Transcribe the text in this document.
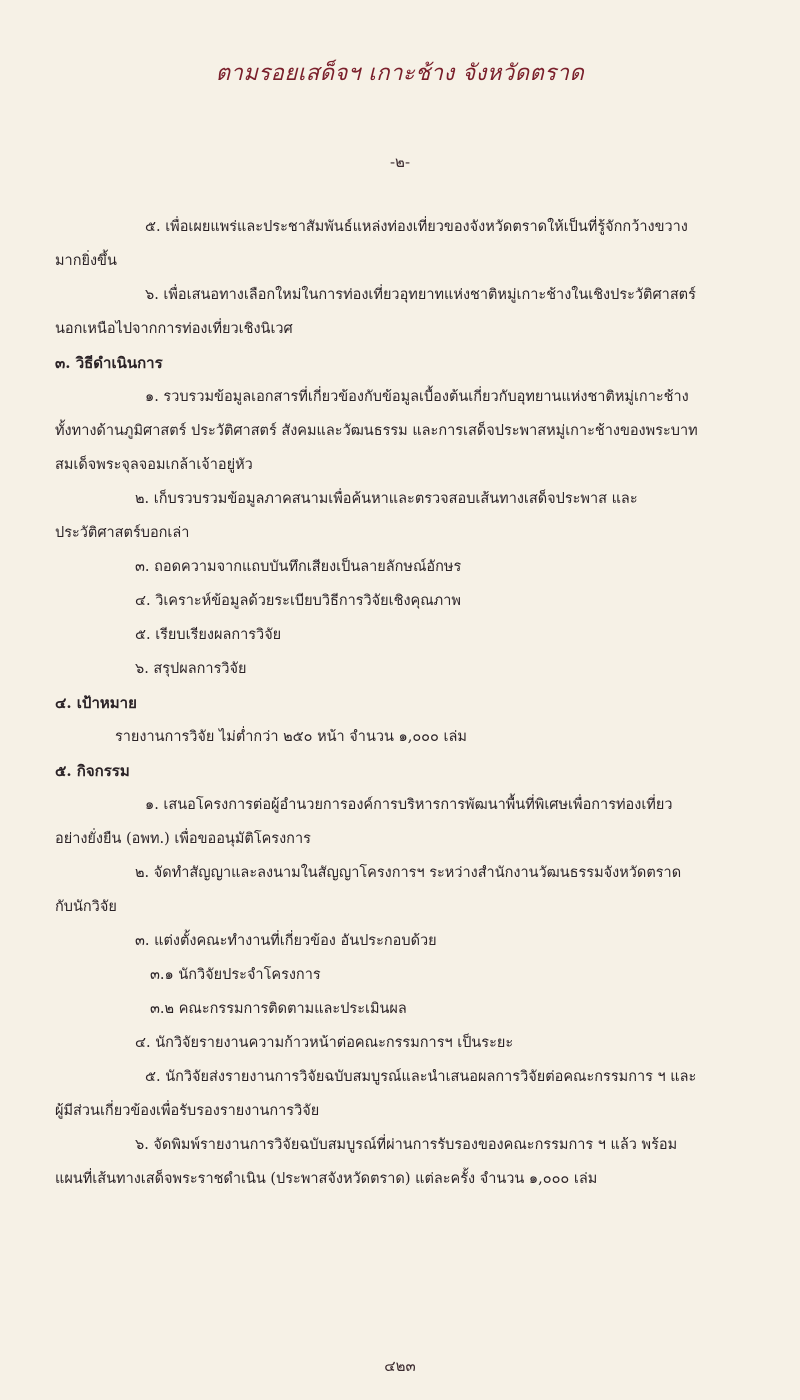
ตามรอยเสด็จฯ เกาะช้าง จังหวัดตราด
-๒-
๕. เพื่อเผยแพร่และประชาสัมพันธ์แหล่งท่องเที่ยวของจังหวัดตราดให้เป็นที่รู้จักกว้างขวาง
มากยิ่งขึ้น
๖. เพื่อเสนอทางเลือกใหม่ในการท่องเที่ยวอุทยาทแห่งชาติหมู่เกาะช้างในเชิงประวัติศาสตร์
นอกเหนือไปจากการท่องเที่ยวเชิงนิเวศ
๓. วิธีดำเนินการ
๑. รวบรวมข้อมูลเอกสารที่เกี่ยวข้องกับข้อมูลเบื้องต้นเกี่ยวกับอุทยานแห่งชาติหมู่เกาะช้าง
ทั้งทางด้านภูมิศาสตร์ ประวัติศาสตร์ สังคมและวัฒนธรรม และการเสด็จประพาสหมู่เกาะช้างของพระบาท
สมเด็จพระจุลจอมเกล้าเจ้าอยู่หัว
๒. เก็บรวบรวมข้อมูลภาคสนามเพื่อค้นหาและตรวจสอบเส้นทางเสด็จประพาส และ
ประวัติศาสตร์บอกเล่า
๓. ถอดความจากแถบบันทึกเสียงเป็นลายลักษณ์อักษร
๔. วิเคราะห์ข้อมูลด้วยระเบียบวิธีการวิจัยเชิงคุณภาพ
๕. เรียบเรียงผลการวิจัย
๖. สรุปผลการวิจัย
๔. เป้าหมาย
รายงานการวิจัย ไม่ต่ำกว่า ๒๕๐ หน้า จำนวน ๑,๐๐๐ เล่ม
๕. กิจกรรม
๑. เสนอโครงการต่อผู้อำนวยการองค์การบริหารการพัฒนาพื้นที่พิเศษเพื่อการท่องเที่ยว
อย่างยั่งยืน (อพท.) เพื่อขออนุมัติโครงการ
๒. จัดทำสัญญาและลงนามในสัญญาโครงการฯ ระหว่างสำนักงานวัฒนธรรมจังหวัดตราด
กับนักวิจัย
๓. แต่งตั้งคณะทำงานที่เกี่ยวข้อง อันประกอบด้วย
๓.๑ นักวิจัยประจำโครงการ
๓.๒ คณะกรรมการติดตามและประเมินผล
๔. นักวิจัยรายงานความก้าวหน้าต่อคณะกรรมการฯ เป็นระยะ
๕. นักวิจัยส่งรายงานการวิจัยฉบับสมบูรณ์และนำเสนอผลการวิจัยต่อคณะกรรมการ ฯ และ
ผู้มีส่วนเกี่ยวข้องเพื่อรับรองรายงานการวิจัย
๖. จัดพิมพ์รายงานการวิจัยฉบับสมบูรณ์ที่ผ่านการรับรองของคณะกรรมการ ฯ แล้ว พร้อม
แผนที่เส้นทางเสด็จพระราชดำเนิน (ประพาสจังหวัดตราด) แต่ละครั้ง จำนวน ๑,๐๐๐ เล่ม
๔๒๓
